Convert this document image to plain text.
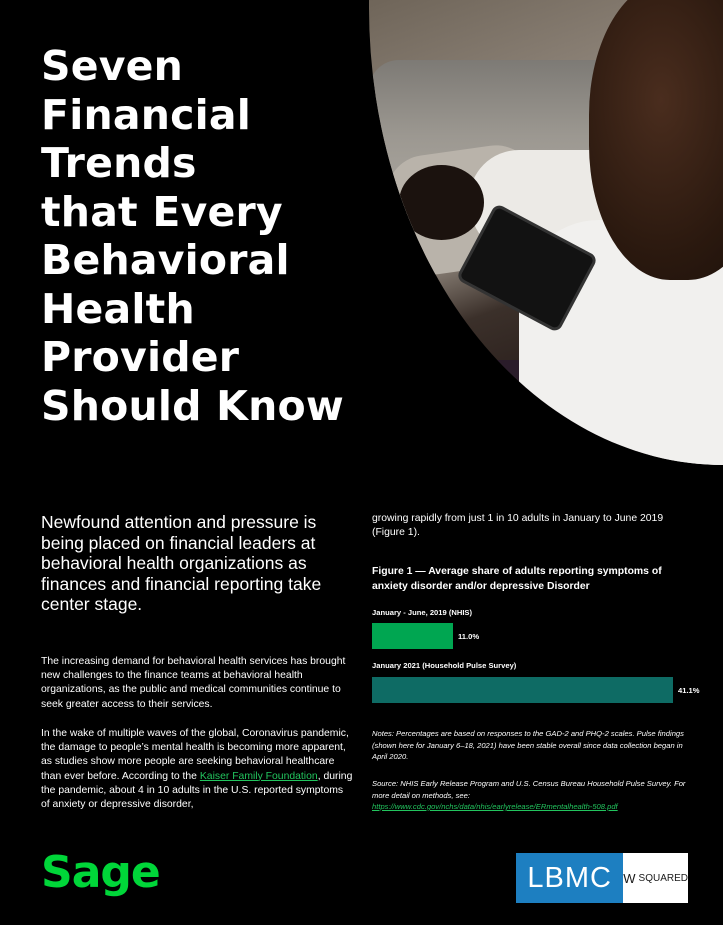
Seven
Financial
Trends
that Every
Behavioral
Health
Provider
Should Know

Newfound attention and pressure is being placed on financial leaders at behavioral health organizations as finances and financial reporting take center stage.

The increasing demand for behavioral health services has brought new challenges to the finance teams at behavioral health organizations, as the public and medical communities continue to seek greater access to their services.

In the wake of multiple waves of the global, Coronavirus pandemic, the damage to people’s mental health is becoming more apparent, as studies show more people are seeking behavioral healthcare than ever before. According to the Kaiser Family Foundation, during the pandemic, about 4 in 10 adults in the U.S. reported symptoms of anxiety or depressive disorder,

growing rapidly from just 1 in 10 adults in January to June 2019 (Figure 1).

Figure 1 — Average share of adults reporting symptoms of anxiety disorder and/or depressive Disorder

January - June, 2019 (NHIS)

11.0%

January 2021 (Household Pulse Survey)

41.1%

Notes: Percentages are based on responses to the GAD-2 and PHQ-2 scales. Pulse findings (shown here for January 6–18, 2021) have been stable overall since data collection began in April 2020.

Source: NHIS Early Release Program and U.S. Census Bureau Household Pulse Survey. For more detail on methods, see:
https://www.cdc.gov/nchs/data/nhis/earlyrelease/ERmentalhealth-508.pdf

Sage	LBMC W SQUARED
